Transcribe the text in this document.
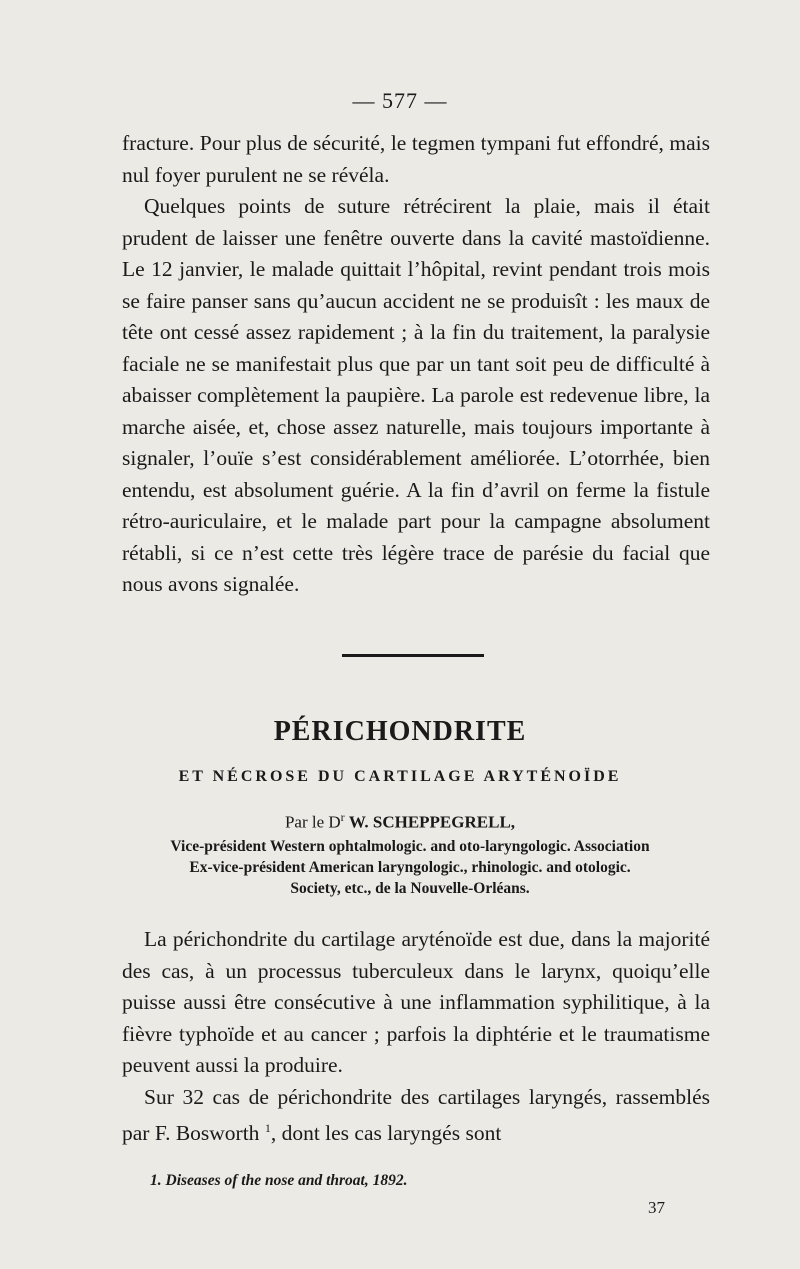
— 577 —

fracture. Pour plus de sécurité, le tegmen tympani fut effondré, mais nul foyer purulent ne se révéla.

Quelques points de suture rétrécirent la plaie, mais il était prudent de laisser une fenêtre ouverte dans la cavité mastoïdienne. Le 12 janvier, le malade quittait l’hôpital, revint pendant trois mois se faire panser sans qu’aucun accident ne se produisît : les maux de tête ont cessé assez rapidement ; à la fin du traitement, la paralysie faciale ne se manifestait plus que par un tant soit peu de difficulté à abaisser complètement la paupière. La parole est redevenue libre, la marche aisée, et, chose assez naturelle, mais toujours importante à signaler, l’ouïe s’est considérablement améliorée. L’otorrhée, bien entendu, est absolument guérie. A la fin d’avril on ferme la fistule rétro-auriculaire, et le malade part pour la campagne absolument rétabli, si ce n’est cette très légère trace de parésie du facial que nous avons signalée.

PÉRICHONDRITE
ET NÉCROSE DU CARTILAGE ARYTÉNOÏDE
Par le $D^r$ W. SCHEPPEGRELL,
Vice-président Western ophtalmologic. and oto-laryngologic. Association
Ex-vice-président American laryngologic., rhinologic. and otologic.
Society, etc., de la Nouvelle-Orléans.

La périchondrite du cartilage aryténoïde est due, dans la majorité des cas, à un processus tuberculeux dans le larynx, quoiqu’elle puisse aussi être consécutive à une inflammation syphilitique, à la fièvre typhoïde et au cancer ; parfois la diphtérie et le traumatisme peuvent aussi la produire.

Sur 32 cas de périchondrite des cartilages laryngés, rassemblés par F. Bosworth $^1$, dont les cas laryngés sont

1. Diseases of the nose and throat, 1892.
37
